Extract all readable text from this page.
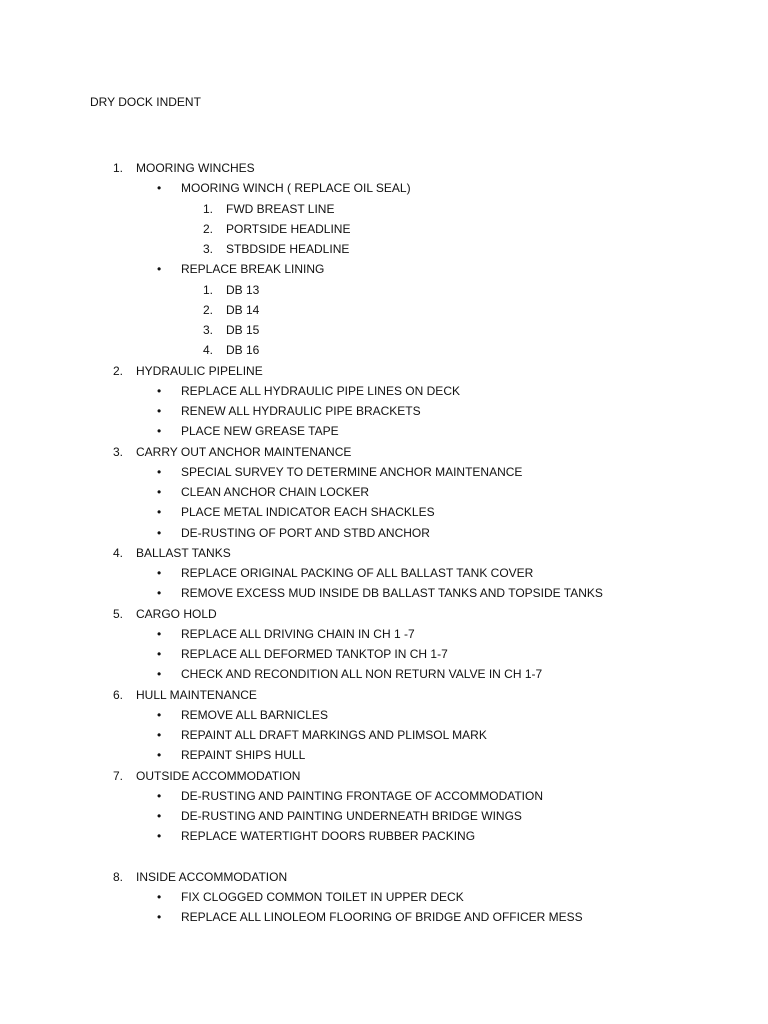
DRY DOCK INDENT
1. MOORING WINCHES
• MOORING WINCH ( REPLACE OIL SEAL)
1. FWD BREAST LINE
2. PORTSIDE HEADLINE
3. STBDSIDE HEADLINE
• REPLACE BREAK LINING
1. DB 13
2. DB 14
3. DB 15
4. DB 16
2. HYDRAULIC PIPELINE
• REPLACE ALL HYDRAULIC PIPE LINES ON DECK
• RENEW ALL HYDRAULIC PIPE BRACKETS
• PLACE NEW GREASE TAPE
3. CARRY OUT ANCHOR MAINTENANCE
• SPECIAL SURVEY TO DETERMINE ANCHOR MAINTENANCE
• CLEAN ANCHOR CHAIN LOCKER
• PLACE METAL INDICATOR EACH SHACKLES
• DE-RUSTING OF PORT AND STBD ANCHOR
4. BALLAST TANKS
• REPLACE ORIGINAL PACKING OF ALL BALLAST TANK COVER
• REMOVE EXCESS MUD INSIDE DB BALLAST TANKS AND TOPSIDE TANKS
5. CARGO HOLD
• REPLACE ALL DRIVING CHAIN IN CH 1 -7
• REPLACE ALL DEFORMED TANKTOP IN CH 1-7
• CHECK AND RECONDITION ALL NON RETURN VALVE IN CH 1-7
6. HULL MAINTENANCE
• REMOVE ALL BARNICLES
• REPAINT ALL DRAFT MARKINGS AND PLIMSOL MARK
• REPAINT SHIPS HULL
7. OUTSIDE ACCOMMODATION
• DE-RUSTING AND PAINTING FRONTAGE OF ACCOMMODATION
• DE-RUSTING AND PAINTING UNDERNEATH BRIDGE WINGS
• REPLACE WATERTIGHT DOORS RUBBER PACKING
8. INSIDE ACCOMMODATION
• FIX CLOGGED COMMON TOILET IN UPPER DECK
• REPLACE ALL LINOLEOM FLOORING OF BRIDGE AND OFFICER MESS
